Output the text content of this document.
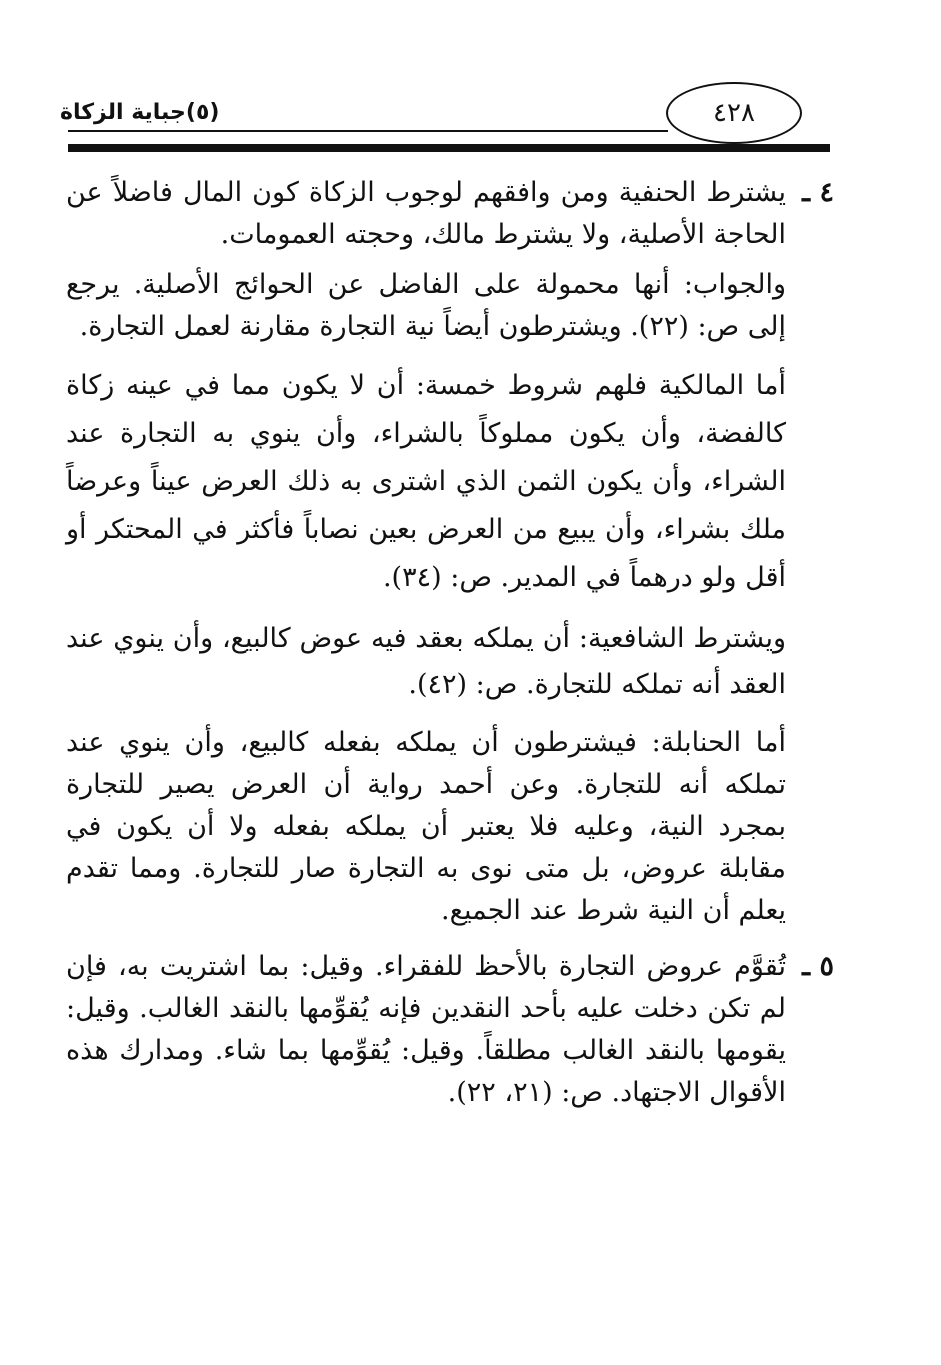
(٥)جباية الزكاة	٤٢٨
٤ ـ

يشترط الحنفية ومن وافقهم لوجوب الزكاة كون المال فاضلاً عن الحاجة الأصلية، ولا يشترط مالك، وحجته العمومات.

والجواب: أنها محمولة على الفاضل عن الحوائج الأصلية. يرجع إلى ص: (٢٢). ويشترطون أيضاً نية التجارة مقارنة لعمل التجارة.

أما المالكية فلهم شروط خمسة: أن لا يكون مما في عينه زكاة كالفضة، وأن يكون مملوكاً بالشراء، وأن ينوي به التجارة عند الشراء، وأن يكون الثمن الذي اشترى به ذلك العرض عيناً وعرضاً ملك بشراء، وأن يبيع من العرض بعين نصاباً فأكثر في المحتكر أو أقل ولو درهماً في المدير. ص: (٣٤).

ويشترط الشافعية: أن يملكه بعقد فيه عوض كالبيع، وأن ينوي عند العقد أنه تملكه للتجارة. ص: (٤٢).

أما الحنابلة: فيشترطون أن يملكه بفعله كالبيع، وأن ينوي عند تملكه أنه للتجارة. وعن أحمد رواية أن العرض يصير للتجارة بمجرد النية، وعليه فلا يعتبر أن يملكه بفعله ولا أن يكون في مقابلة عروض، بل متى نوى به التجارة صار للتجارة. ومما تقدم يعلم أن النية شرط عند الجميع.

٥ ـ

تُقوَّم عروض التجارة بالأحظ للفقراء. وقيل: بما اشتريت به، فإن لم تكن دخلت عليه بأحد النقدين فإنه يُقوِّمها بالنقد الغالب. وقيل: يقومها بالنقد الغالب مطلقاً. وقيل: يُقوِّمها بما شاء. ومدارك هذه الأقوال الاجتهاد. ص: (٢١، ٢٢).
